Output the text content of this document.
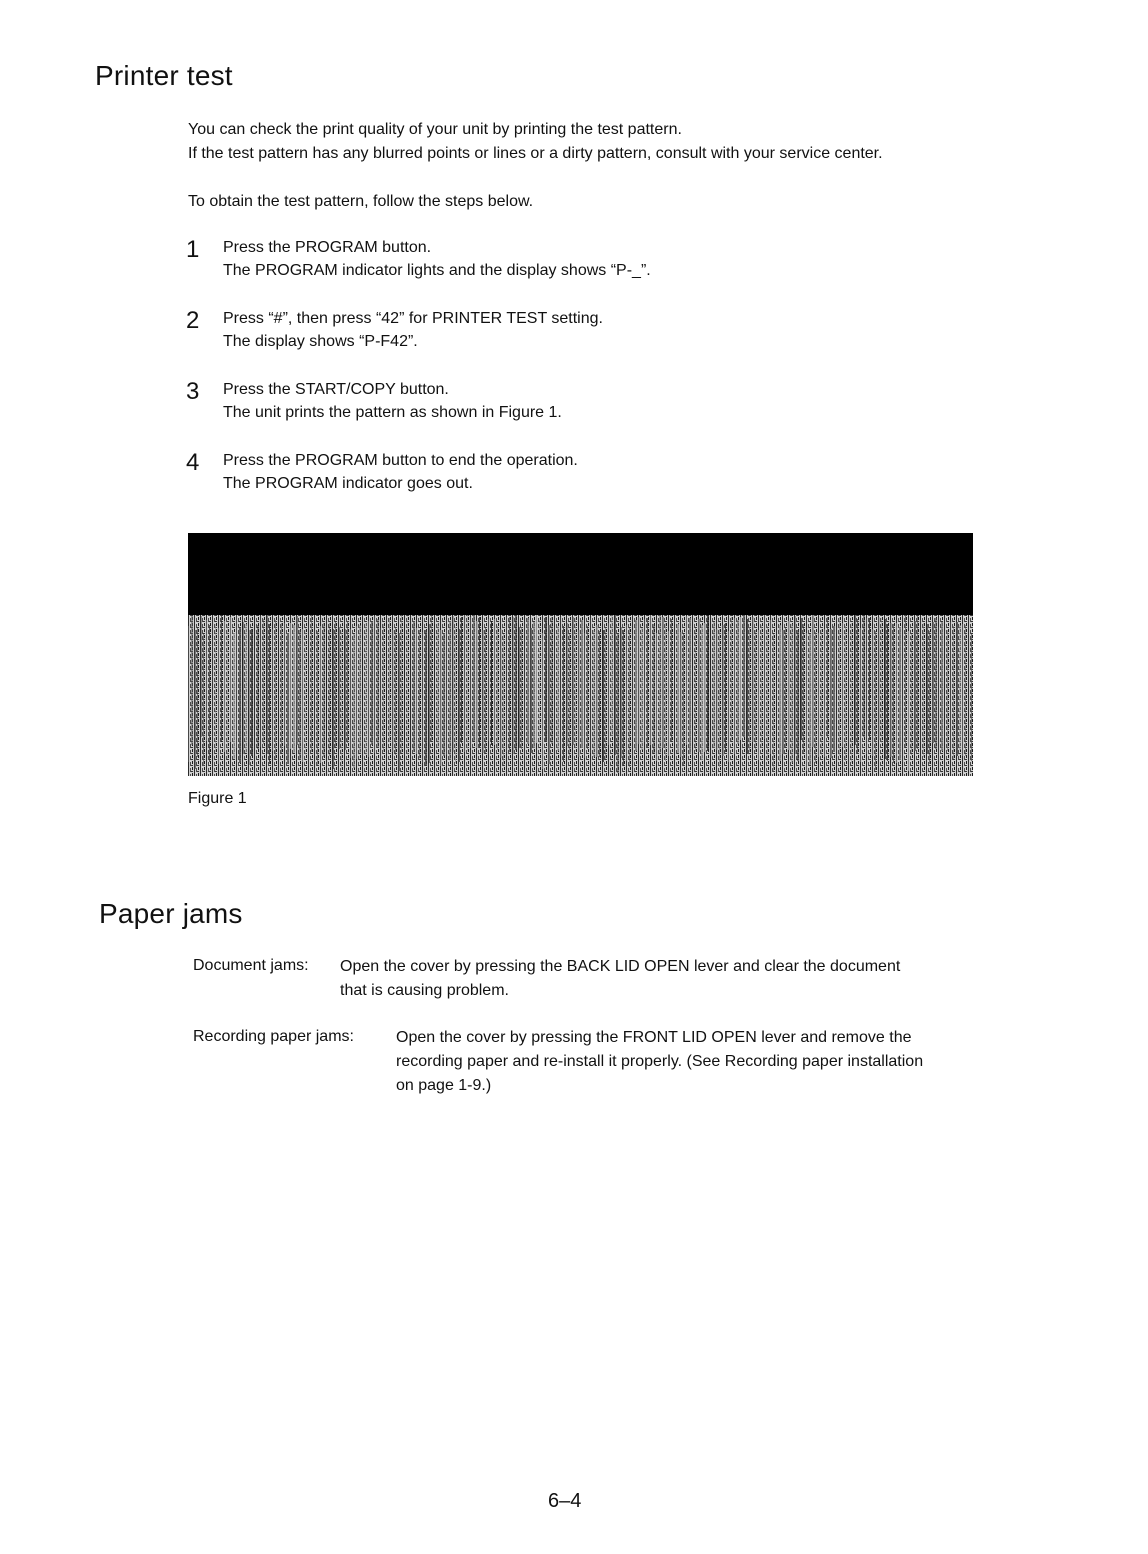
Printer test
You can check the print quality of your unit by printing the test pattern.
If the test pattern has any blurred points or lines or a dirty pattern, consult with your service center.
To obtain the test pattern, follow the steps below.
1 Press the PROGRAM button.
The PROGRAM indicator lights and the display shows “P-_”.
2 Press “#”, then press “42” for PRINTER TEST setting.
The display shows “P-F42”.
3 Press the START/COPY button.
The unit prints the pattern as shown in Figure 1.
4 Press the PROGRAM button to end the operation.
The PROGRAM indicator goes out.
Figure 1
Paper jams
Document jams: Open the cover by pressing the BACK LID OPEN lever and clear the document
that is causing problem.
Recording paper jams:	Open the cover by pressing the FRONT LID OPEN lever and remove the
recording paper and re-install it properly. (See Recording paper installation
on page 1-9.)
6–4
